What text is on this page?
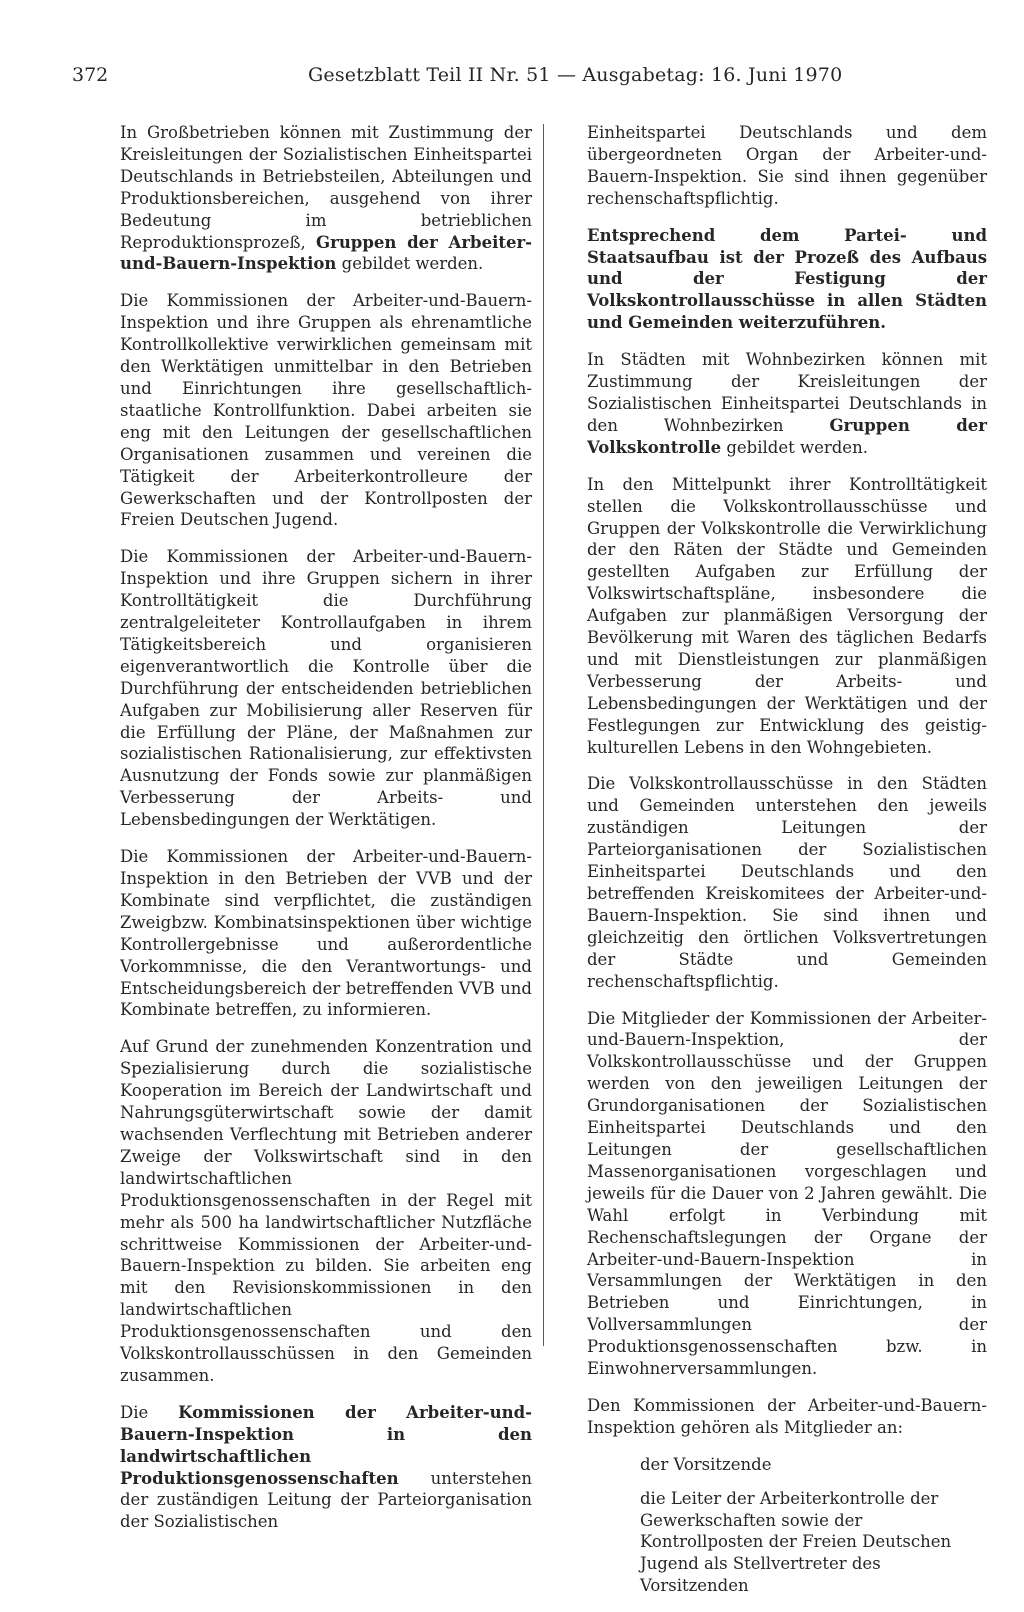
372	Gesetzblatt Teil II Nr. 51 — Ausgabetag: 16. Juni 1970

In Großbetrieben können mit Zustimmung der Kreisleitungen der Sozialistischen Einheitspartei Deutschlands in Betriebsteilen, Abteilungen und Produktionsbereichen, ausgehend von ihrer Bedeutung im betrieblichen Reproduktionsprozeß, Gruppen der Arbeiter-und-Bauern-Inspektion gebildet werden.

Die Kommissionen der Arbeiter-und-Bauern-Inspektion und ihre Gruppen als ehrenamtliche Kontrollkollektive verwirklichen gemeinsam mit den Werktätigen unmittelbar in den Betrieben und Einrichtungen ihre gesellschaftlich-staatliche Kontrollfunktion. Dabei arbeiten sie eng mit den Leitungen der gesellschaftlichen Organisationen zusammen und vereinen die Tätigkeit der Arbeiterkontrolleure der Gewerkschaften und der Kontrollposten der Freien Deutschen Jugend.

Die Kommissionen der Arbeiter-und-Bauern-Inspektion und ihre Gruppen sichern in ihrer Kontrolltätigkeit die Durchführung zentralgeleiteter Kontrollaufgaben in ihrem Tätigkeitsbereich und organisieren eigenverantwortlich die Kontrolle über die Durchführung der entscheidenden betrieblichen Aufgaben zur Mobilisierung aller Reserven für die Erfüllung der Pläne, der Maßnahmen zur sozialistischen Rationalisierung, zur effektivsten Ausnutzung der Fonds sowie zur planmäßigen Verbesserung der Arbeits- und Lebensbedingungen der Werktätigen.

Die Kommissionen der Arbeiter-und-Bauern-Inspektion in den Betrieben der VVB und der Kombinate sind verpflichtet, die zuständigen Zweigbzw. Kombinatsinspektionen über wichtige Kontrollergebnisse und außerordentliche Vorkommnisse, die den Verantwortungs- und Entscheidungsbereich der betreffenden VVB und Kombinate betreffen, zu informieren.

Auf Grund der zunehmenden Konzentration und Spezialisierung durch die sozialistische Kooperation im Bereich der Landwirtschaft und Nahrungsgüterwirtschaft sowie der damit wachsenden Verflechtung mit Betrieben anderer Zweige der Volkswirtschaft sind in den landwirtschaftlichen Produktionsgenossenschaften in der Regel mit mehr als 500 ha landwirtschaftlicher Nutzfläche schrittweise Kommissionen der Arbeiter-und-Bauern-Inspektion zu bilden. Sie arbeiten eng mit den Revisionskommissionen in den landwirtschaftlichen Produktionsgenossenschaften und den Volkskontrollausschüssen in den Gemeinden zusammen.

Die Kommissionen der Arbeiter-und-Bauern-Inspektion in den landwirtschaftlichen Produktionsgenossenschaften unterstehen der zuständigen Leitung der Parteiorganisation der Sozialistischen

Einheitspartei Deutschlands und dem übergeordneten Organ der Arbeiter-und-Bauern-Inspektion. Sie sind ihnen gegenüber rechenschaftspflichtig.

Entsprechend dem Partei- und Staatsaufbau ist der Prozeß des Aufbaus und der Festigung der Volkskontrollausschüsse in allen Städten und Gemeinden weiterzuführen.

In Städten mit Wohnbezirken können mit Zustimmung der Kreisleitungen der Sozialistischen Einheitspartei Deutschlands in den Wohnbezirken	Gruppen der Volkskontrolle gebildet werden.

In den Mittelpunkt ihrer Kontrolltätigkeit stellen die Volkskontrollausschüsse und Gruppen der Volkskontrolle die Verwirklichung der den Räten der Städte und Gemeinden gestellten Aufgaben zur Erfüllung der Volkswirtschaftspläne, insbesondere die Aufgaben zur planmäßigen Versorgung der Bevölkerung mit Waren des täglichen Bedarfs und mit Dienstleistungen zur planmäßigen Verbesserung der Arbeits- und Lebensbedingungen der Werktätigen und der Festlegungen zur Entwicklung des geistig-kulturellen Lebens in den Wohngebieten.

Die Volkskontrollausschüsse in den Städten und Gemeinden unterstehen den jeweils zuständigen Leitungen der Parteiorganisationen der Sozialistischen Einheitspartei Deutschlands und den betreffenden Kreiskomitees der Arbeiter-und-Bauern-Inspektion. Sie sind ihnen und gleichzeitig den örtlichen Volksvertretungen der Städte und Gemeinden rechenschaftspflichtig.

Die Mitglieder der Kommissionen der Arbeiter-und-Bauern-Inspektion, der Volkskontrollausschüsse und der Gruppen werden von den jeweiligen Leitungen der Grundorganisationen der Sozialistischen Einheitspartei Deutschlands und den Leitungen der gesellschaftlichen Massenorganisationen vorgeschlagen und jeweils für die Dauer von 2 Jahren gewählt. Die Wahl erfolgt in Verbindung mit Rechenschaftslegungen der Organe der Arbeiter-und-Bauern-Inspektion in Versammlungen der Werktätigen in den Betrieben und Einrichtungen, in Vollversammlungen der Produktionsgenossenschaften bzw. in Einwohnerversammlungen.

Den Kommissionen der Arbeiter-und-Bauern-Inspektion gehören als Mitglieder an:

der Vorsitzende

die Leiter der Arbeiterkontrolle der Gewerkschaften sowie der Kontrollposten der Freien Deutschen Jugend als Stellvertreter des Vorsitzenden
